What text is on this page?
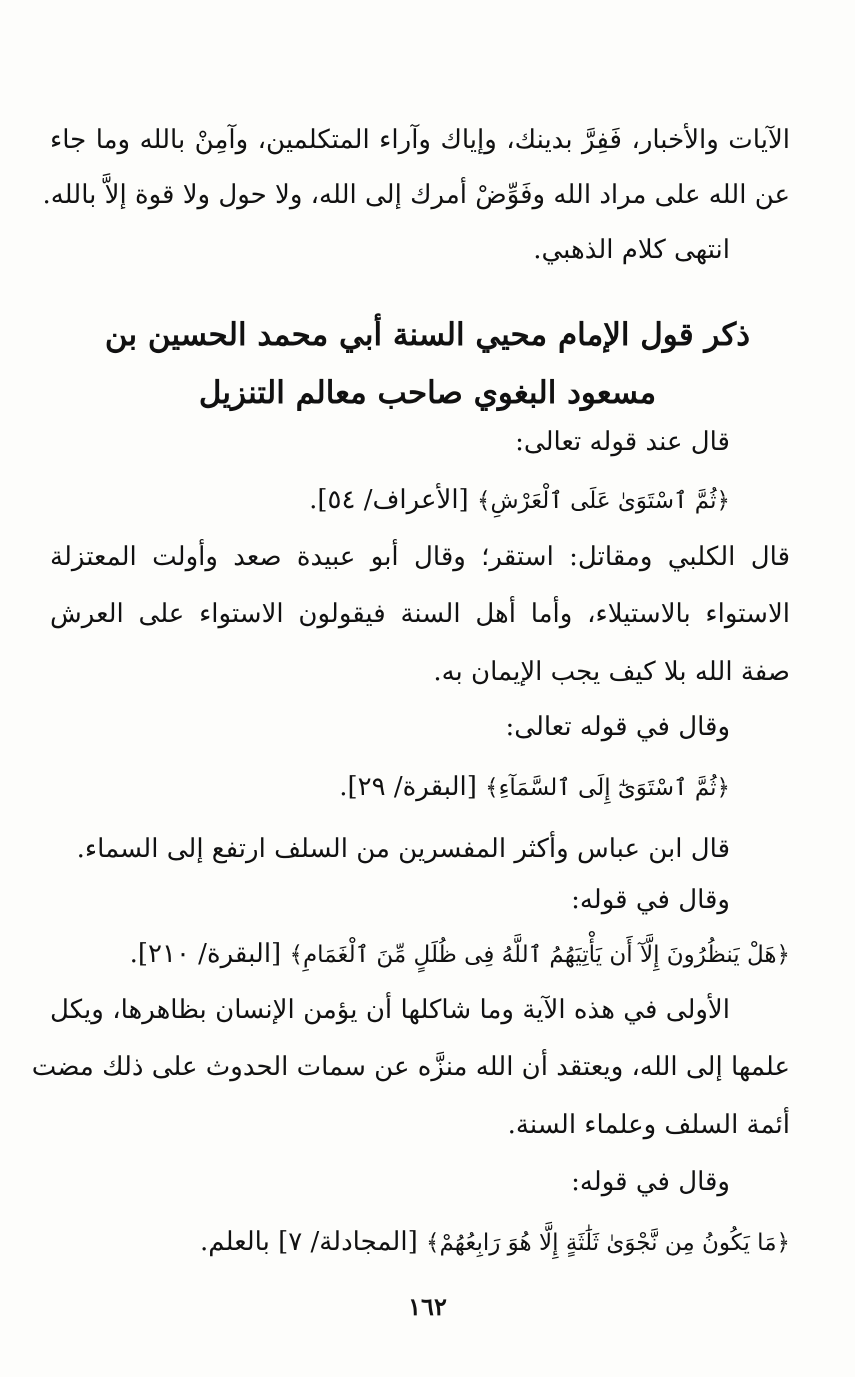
الآيات والأخبار، فَفِرَّ بدينك، وإياك وآراء المتكلمين، وآمِنْ بالله وما جاء
عن الله على مراد الله وفَوِّضْ أمرك إلى الله، ولا حول ولا قوة إلاَّ بالله.
انتهى كلام الذهبي.
ذكر قول الإمام محيي السنة أبي محمد الحسين بن
مسعود البغوي صاحب معالم التنزيل
قال عند قوله تعالى:
﴿ثُمَّ ٱسْتَوَىٰ عَلَى ٱلْعَرْشِ﴾ [الأعراف/ ٥٤].
قال الكلبي ومقاتل: استقر؛ وقال أبو عبيدة صعد وأولت المعتزلة
الاستواء بالاستيلاء، وأما أهل السنة فيقولون الاستواء على العرش
صفة الله بلا كيف يجب الإيمان به.
وقال في قوله تعالى:
﴿ثُمَّ ٱسْتَوَىٰٓ إِلَى ٱلسَّمَآءِ﴾ [البقرة/ ٢٩].
قال ابن عباس وأكثر المفسرين من السلف ارتفع إلى السماء.
وقال في قوله:
﴿هَلْ يَنظُرُونَ إِلَّآ أَن يَأْتِيَهُمُ ٱللَّهُ فِى ظُلَلٍ مِّنَ ٱلْغَمَامِ﴾ [البقرة/ ٢١٠].
الأولى في هذه الآية وما شاكلها أن يؤمن الإنسان بظاهرها، ويكل
علمها إلى الله، ويعتقد أن الله منزَّه عن سمات الحدوث على ذلك مضت
أئمة السلف وعلماء السنة.
وقال في قوله:
﴿مَا يَكُونُ مِن نَّجْوَىٰ ثَلَٰثَةٍ إِلَّا هُوَ رَابِعُهُمْ﴾ [المجادلة/ ٧] بالعلم.
١٦٢
